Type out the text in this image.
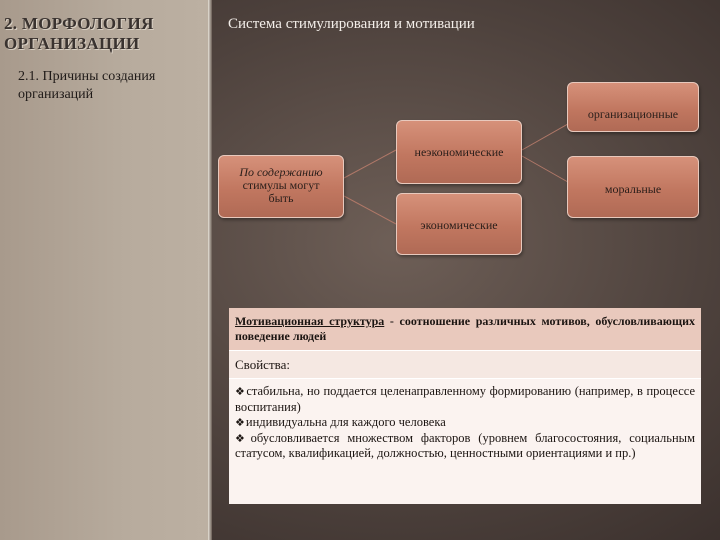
2. МОРФОЛОГИЯ ОРГАНИЗАЦИИ
2.1. Причины создания организаций
Система стимулирования и мотивации
организационные
неэкономические
По содержанию
стимулы могут
быть
моральные
экономические
Мотивационная структура - соотношение различных мотивов, обусловливающих поведение людей
Свойства:
❖стабильна, но поддается целенаправленному формированию (например, в процессе воспитания)
❖индивидуальна для каждого человека
❖обусловливается множеством факторов (уровнем благосостояния, социальным статусом, квалификацией, должностью, ценностными ориентациями и пр.)
